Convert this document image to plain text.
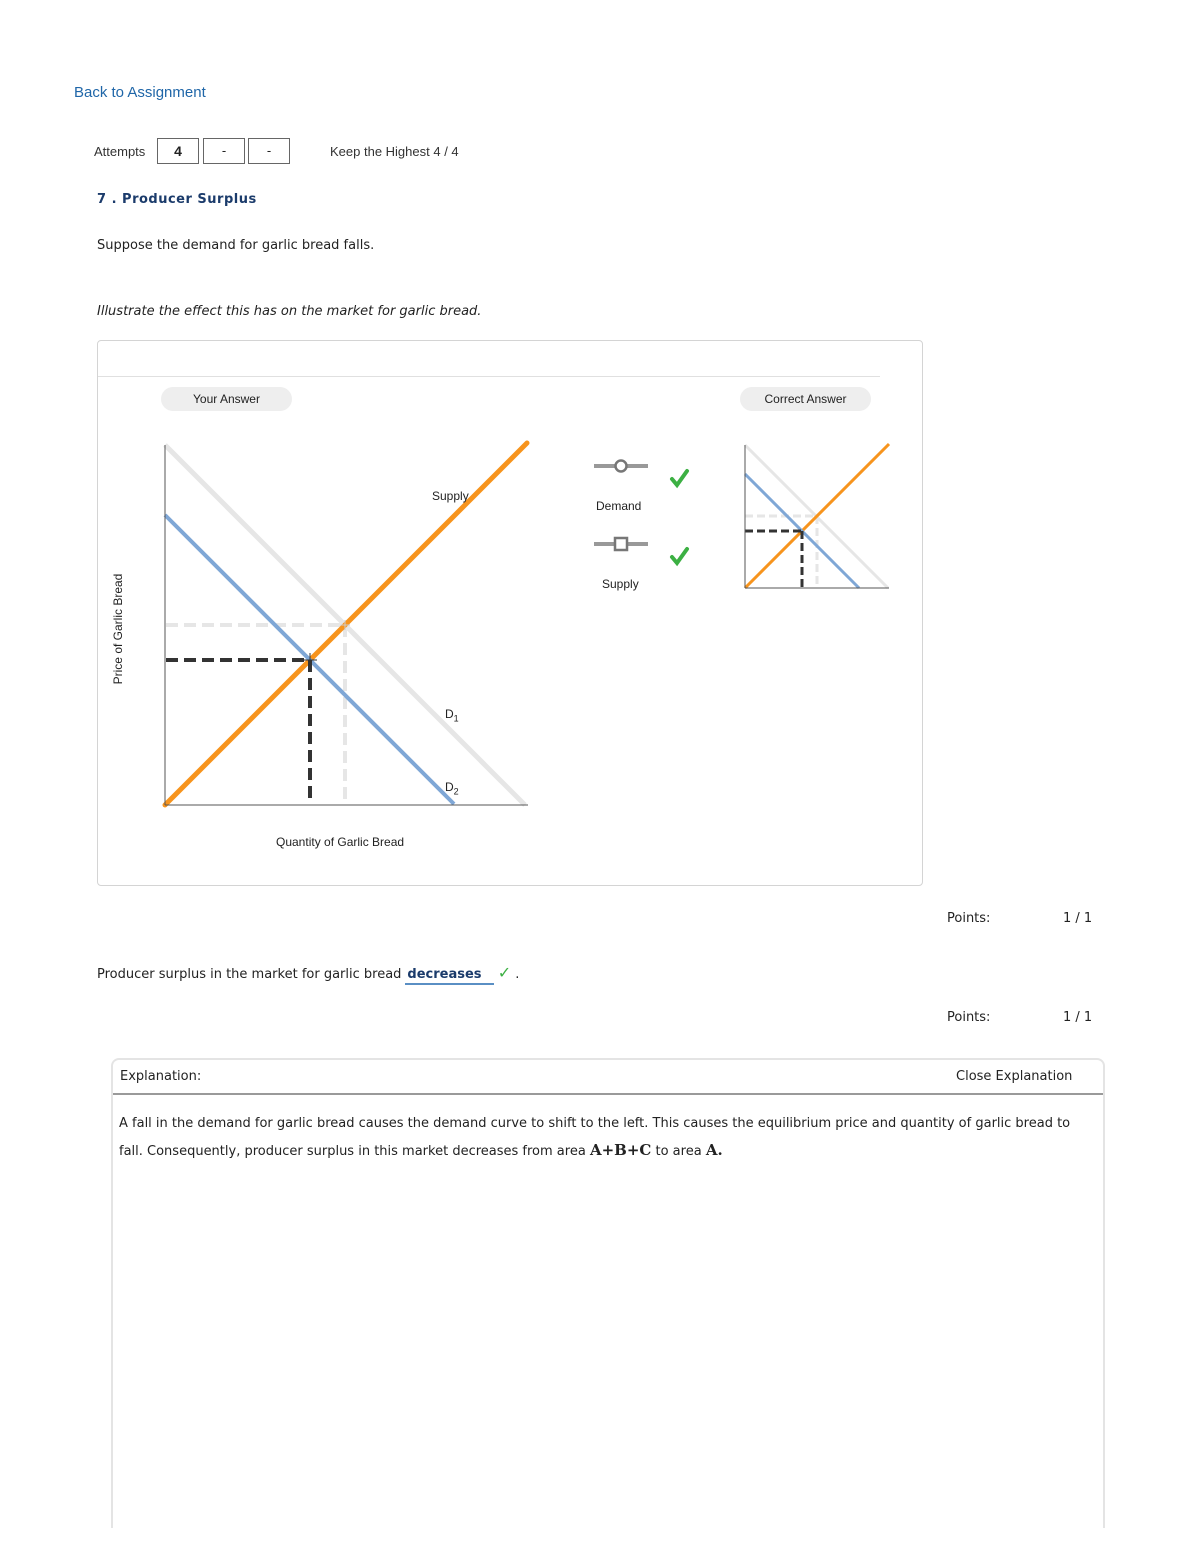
Back to Assignment
Attempts	4	-	-	Keep the Highest 4 / 4
7 . Producer Surplus
Suppose the demand for garlic bread falls.
Illustrate the effect this has on the market for garlic bread.
Your Answer	Correct Answer
Supply
$D_1$
$D_2$
Quantity of Garlic Bread
Price of Garlic Bread
Demand
Supply
Points:	1 / 1
Producer surplus in the market for garlic bread decreases ✓ .
Points:	1 / 1
Explanation:	Close Explanation
A fall in the demand for garlic bread causes the demand curve to shift to the left. This causes the equilibrium price and quantity of garlic bread to fall. Consequently, producer surplus in this market decreases from area A+B+C to area A.
